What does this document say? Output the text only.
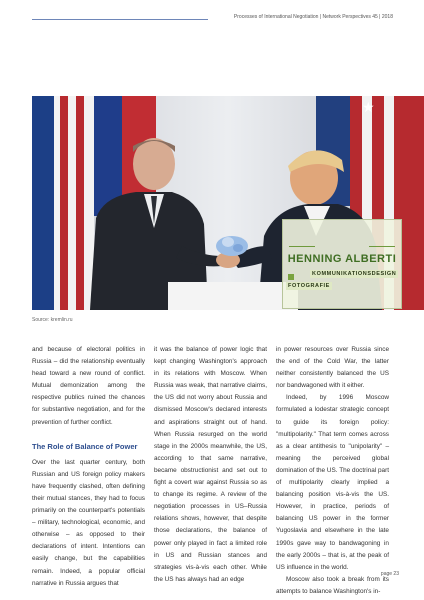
Processes of International Negotiation | Network Perspectives 45 | 2018
★
HENNING ALBERTI
KOMMUNIKATIONSDESIGN
FOTOGRAFIE
Source: kremlin.ru

and because of electoral politics in Russia – did the relationship eventually head toward a new round of conflict. Mutual demonization among the respective publics ruined the chances for substantive negotiation, and for the prevention of further conflict.

The Role of Balance of Power

Over the last quarter century, both Russian and US foreign policy makers have frequently clashed, often defining their mutual stances, they had to focus primarily on the counterpart's potentials – military, technological, economic, and otherwise – as opposed to their declarations of intent. Intentions can easily change, but the capabilities remain. Indeed, a popular official narrative in Russia argues that

it was the balance of power logic that kept changing Washington's approach in its relations with Moscow. When Russia was weak, that narrative claims, the US did not worry about Russia and dismissed Moscow's declared interests and aspirations straight out of hand. When Russia resurged on the world stage in the 2000s meanwhile, the US, according to that same narrative, became obstructionist and set out to fight a covert war against Russia so as to change its regime. A review of the negotiation processes in US–Russia relations shows, however, that despite those declarations, the balance of power only played in fact a limited role in US and Russian stances and strategies vis-à-vis each other. While the US has always had an edge

in power resources over Russia since the end of the Cold War, the latter neither consistently balanced the US nor bandwagoned with it either.

Indeed, by 1996 Moscow formulated a lodestar strategic concept to guide its foreign policy: "multipolarity." That term comes across as a clear antithesis to "unipolarity" – meaning the perceived global domination of the US. The doctrinal part of multipolarity clearly implied a balancing position vis-à-vis the US. However, in practice, periods of balancing US power in the former Yugoslavia and elsewhere in the late 1990s gave way to bandwagoning in the early 2000s – that is, at the peak of US influence in the world.

Moscow also took a break from its attempts to balance Washington's in-

page 23
